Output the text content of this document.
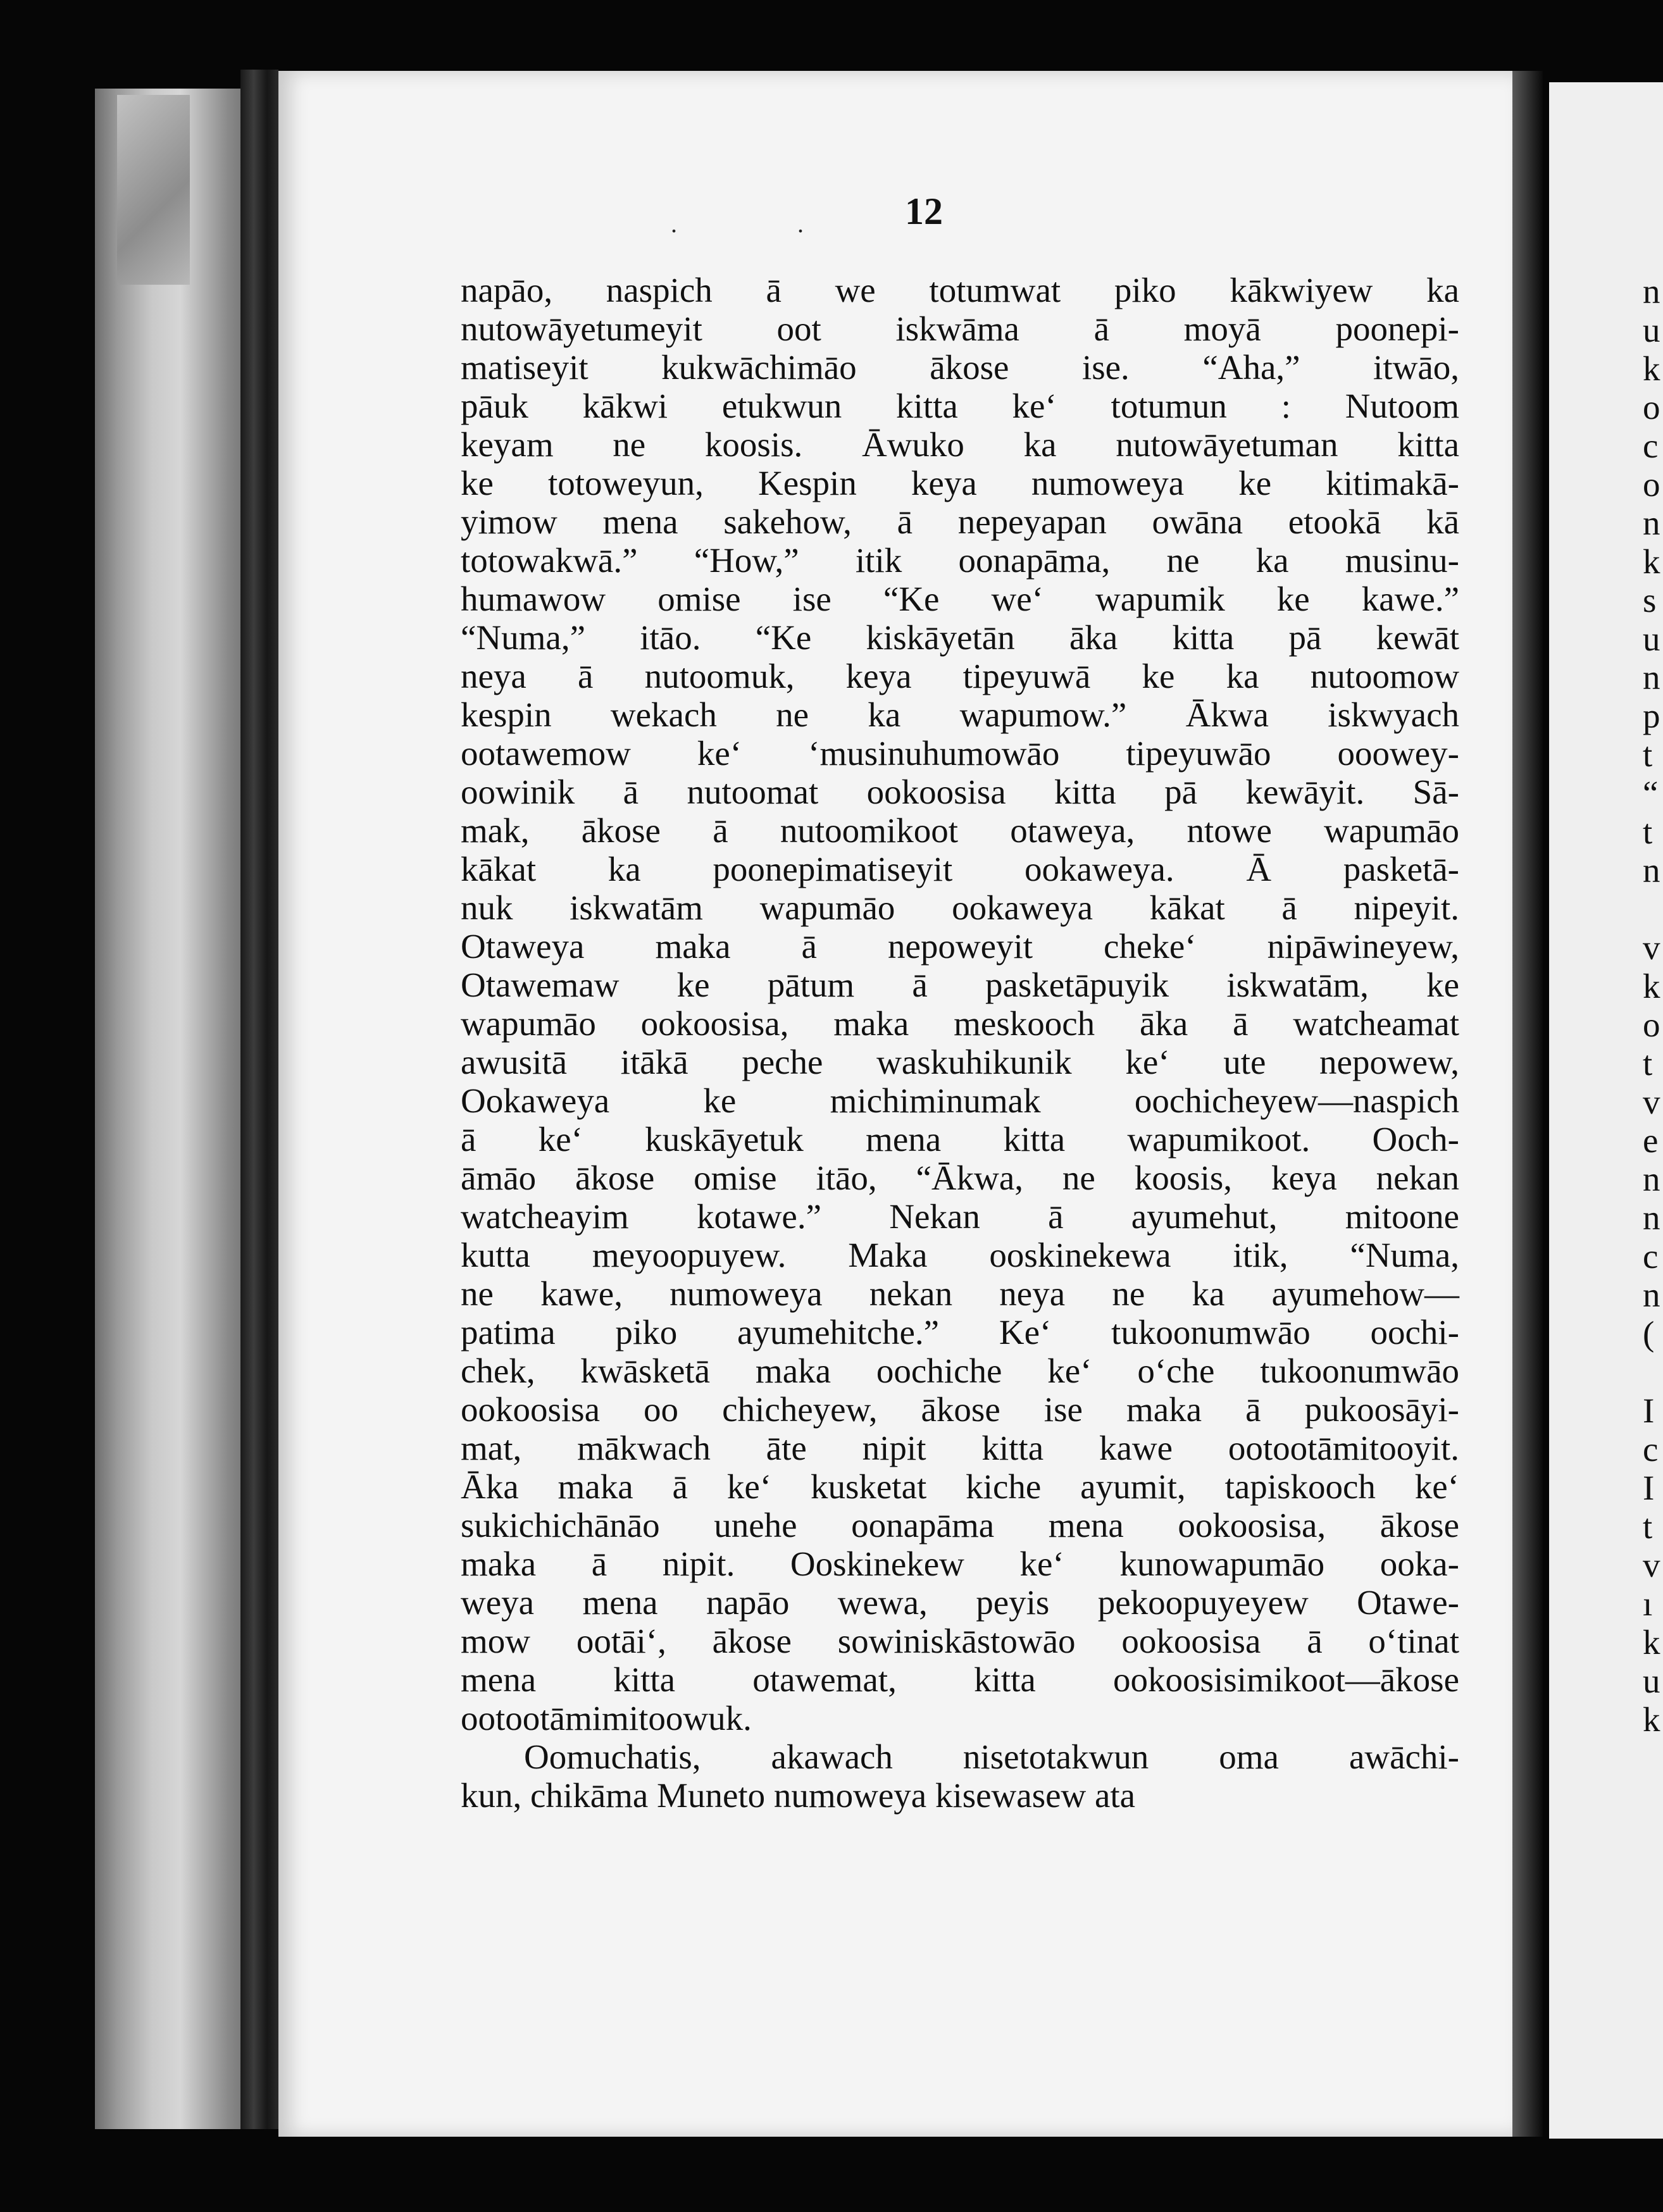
. .	12
napāo, naspich ā we totumwat piko kākwiyew ka
nutowāyetumeyit oot iskwāma ā moyā poonepi-
matiseyit kukwāchimāo ākose ise. “Aha,” itwāo,
pāuk kākwi etukwun kitta ke‘ totumun : Nutoom
keyam ne koosis. Āwuko ka nutowāyetuman kitta
ke totoweyun, Kespin keya numoweya ke kitimakā-
yimow mena sakehow, ā nepeyapan owāna etookā kā
totowakwā.” “How,” itik oonapāma, ne ka musinu-
humawow omise ise “Ke we‘ wapumik ke kawe.”
“Numa,” itāo. “Ke kiskāyetān āka kitta pā kewāt
neya ā nutoomuk, keya tipeyuwā ke ka nutoomow
kespin wekach ne ka wapumow.” Ākwa iskwyach
ootawemow ke‘ ‘musinuhumowāo tipeyuwāo ooowey-
oowinik ā nutoomat ookoosisa kitta pā kewāyit. Sā-
mak, ākose ā nutoomikoot otaweya, ntowe wapumāo
kākat ka poonepimatiseyit ookaweya. Ā pasketā-
nuk iskwatām wapumāo ookaweya kākat ā nipeyit.
Otaweya maka ā nepoweyit cheke‘ nipāwineyew,
Otawemaw ke pātum ā pasketāpuyik iskwatām, ke
wapumāo ookoosisa, maka meskooch āka ā watcheamat
awusitā itākā peche waskuhikunik ke‘ ute nepowew,
Ookaweya ke michiminumak oochicheyew—naspich
ā ke‘ kuskāyetuk mena kitta wapumikoot. Ooch-
āmāo ākose omise itāo, “Ākwa, ne koosis, keya nekan
watcheayim kotawe.” Nekan ā ayumehut, mitoone
kutta meyoopuyew. Maka ooskinekewa itik, “Numa,
ne kawe, numoweya nekan neya ne ka ayumehow—
patima piko ayumehitche.” Ke‘ tukoonumwāo oochi-
chek, kwāsketā maka oochiche ke‘ o‘che tukoonumwāo
ookoosisa oo chicheyew, ākose ise maka ā pukoosāyi-
mat, mākwach āte nipit kitta kawe ootootāmitooyit.
Āka maka ā ke‘ kusketat kiche ayumit, tapiskooch ke‘
sukichichānāo unehe oonapāma mena ookoosisa, ākose
maka ā nipit. Ooskinekew ke‘ kunowapumāo ooka-
weya mena napāo wewa, peyis pekoopuyeyew Otawe-
mow ootāi‘, ākose sowiniskāstowāo ookoosisa ā o‘tinat
mena kitta otawemat, kitta ookoosisimikoot—ākose
ootootāmimitoowuk.
Oomuchatis, akawach nisetotakwun oma awāchi-
kun, chikāma Muneto numoweya kisewasew ata
n
u
k
o
c
o
n
k
s
u
n
p
t
“
t
n
v
k
o
t
v
e
n
n
c
n
(
I
c
I
t
v
ı
k
u
k
